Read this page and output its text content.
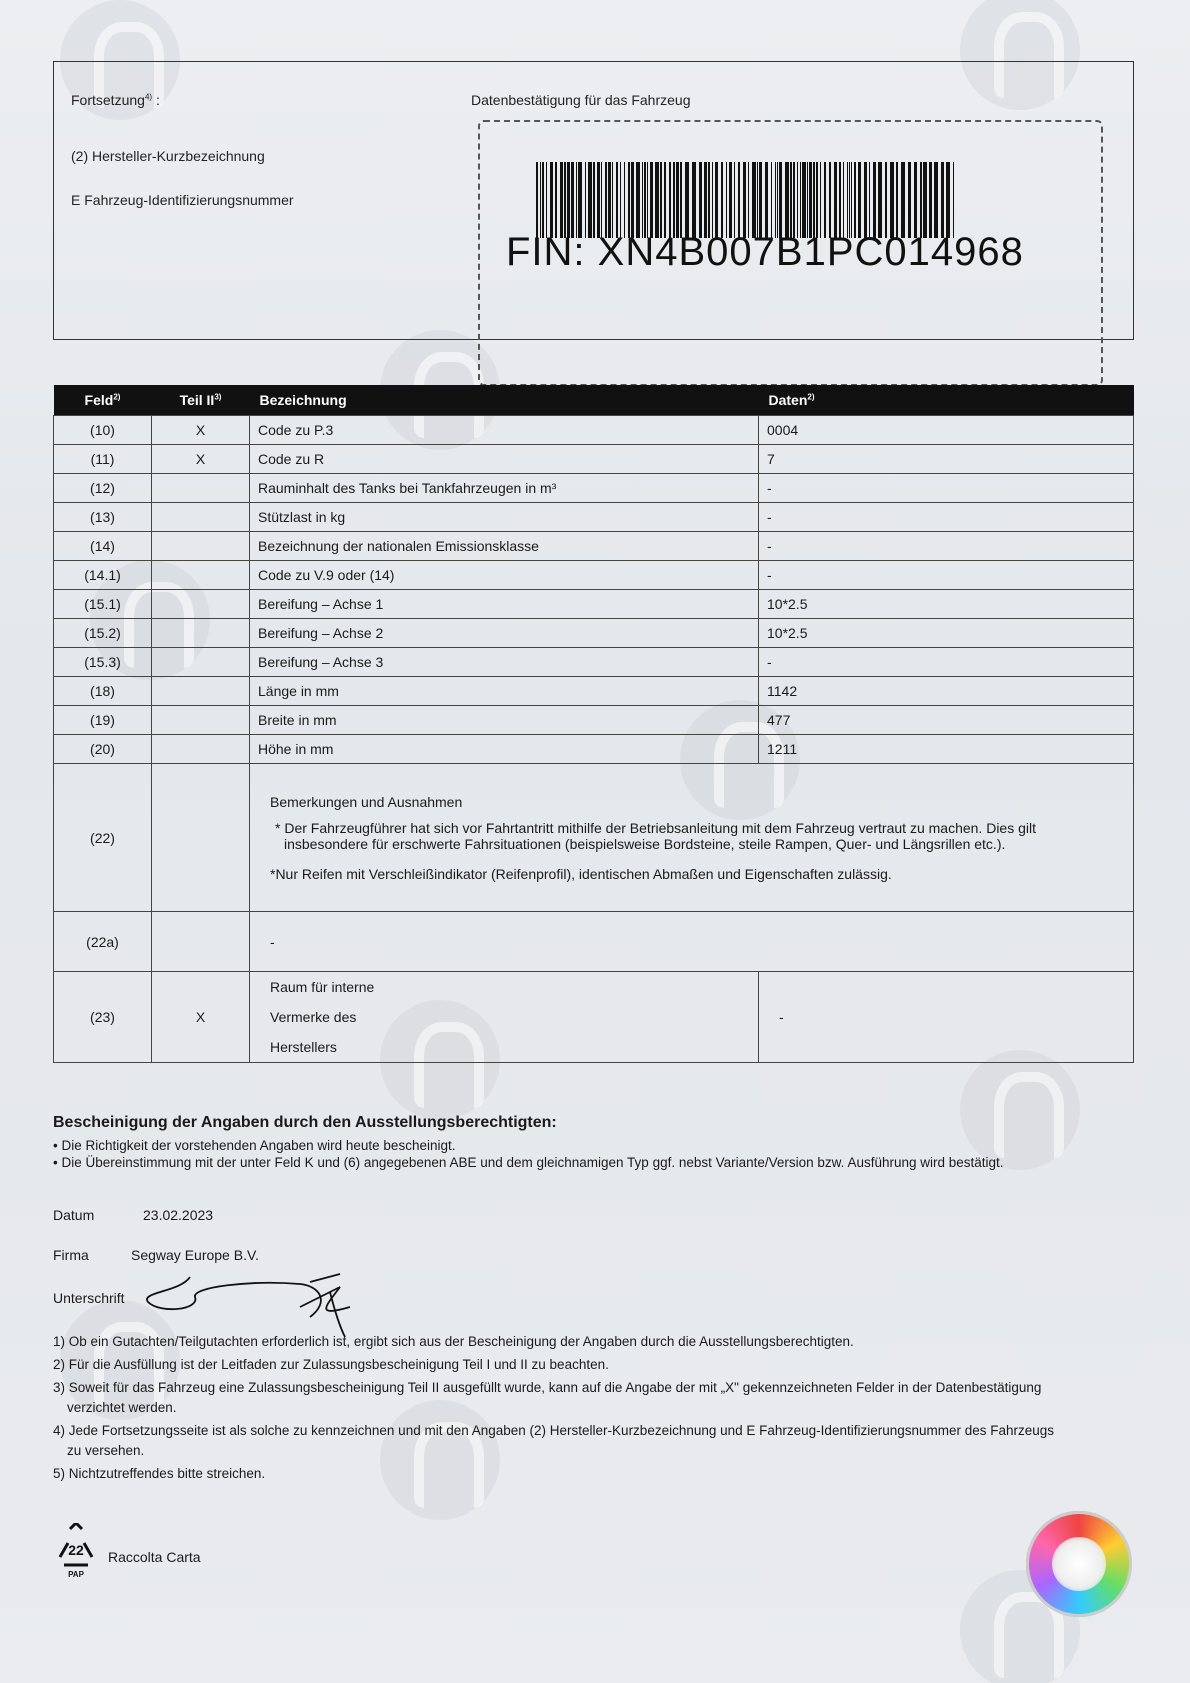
Fortsetzung$^{4)}$ :	Datenbestätigung für das Fahrzeug
(2) Hersteller-Kurzbezeichnung
E Fahrzeug-Identifizierungsnummer
FIN: XN4B007B1PC014968
Feld$^{2)}$	Teil II$^{3)}$	Bezeichnung	Daten$^{2)}$
(10)	X	Code zu P.3	0004
(11)	X	Code zu R	7
(12)		Rauminhalt des Tanks bei Tankfahrzeugen in m³	-
(13)		Stützlast in kg	-
(14)		Bezeichnung der nationalen Emissionsklasse	-
(14.1)		Code zu V.9 oder (14)	-
(15.1)		Bereifung – Achse 1	10*2.5
(15.2)		Bereifung – Achse 2	10*2.5
(15.3)		Bereifung – Achse 3	-
(18)		Länge in mm	1142
(19)		Breite in mm	477
(20)		Höhe in mm	1211
(22)		Bemerkungen und Ausnahmen

* Der Fahrzeugführer hat sich vor Fahrtantritt mithilfe der Betriebsanleitung mit dem Fahrzeug vertraut zu machen. Dies gilt

insbesondere für erschwerte Fahrsituationen (beispielsweise Bordsteine, steile Rampen, Quer- und Längsrillen etc.).

*Nur Reifen mit Verschleißindikator (Reifenprofil), identischen Abmaßen und Eigenschaften zulässig.	

(22a)		-	
(23)	X	Raum für interne
Vermerke des
Herstellers	-
Bescheinigung der Angaben durch den Ausstellungsberechtigten:
• Die Richtigkeit der vorstehenden Angaben wird heute bescheinigt.
• Die Übereinstimmung mit der unter Feld K und (6) angegebenen ABE und dem gleichnamigen Typ ggf. nebst Variante/Version bzw. Ausführung wird bestätigt.
Datum	23.02.2023
Firma	Segway Europe B.V.
Unterschrift

1) Ob ein Gutachten/Teilgutachten erforderlich ist, ergibt sich aus der Bescheinigung der Angaben durch die Ausstellungsberechtigten.

2) Für die Ausfüllung ist der Leitfaden zur Zulassungsbescheinigung Teil I und II zu beachten.

3) Soweit für das Fahrzeug eine Zulassungsbescheinigung Teil II ausgefüllt wurde, kann auf die Angabe der mit „X" gekennzeichneten Felder in der Datenbestätigung

verzichtet werden.

4) Jede Fortsetzungsseite ist als solche zu kennzeichnen und mit den Angaben (2) Hersteller-Kurzbezeichnung und E Fahrzeug-Identifizierungsnummer des Fahrzeugs

zu versehen.

5) Nichtzutreffendes bitte streichen.

22
PAP
Raccolta Carta
